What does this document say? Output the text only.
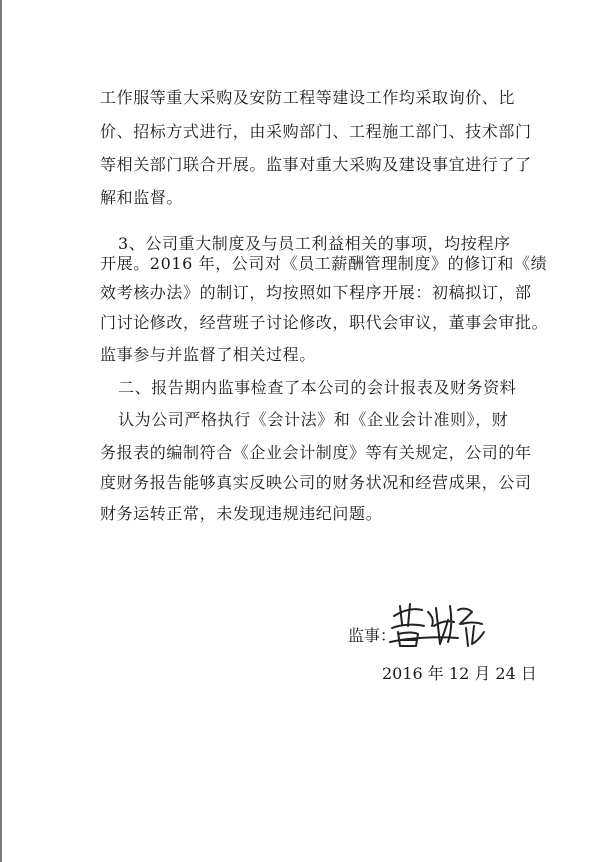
工作服等重大采购及安防工程等建设工作均采取询价、比
价、招标方式进行，由采购部门、工程施工部门、技术部门
等相关部门联合开展。监事对重大采购及建设事宜进行了了
解和监督。
3、公司重大制度及与员工利益相关的事项，均按程序
开展。2016 年，公司对《员工薪酬管理制度》的修订和《绩
效考核办法》的制订，均按照如下程序开展：初稿拟订，部
门讨论修改，经营班子讨论修改，职代会审议，董事会审批。
监事参与并监督了相关过程。
二、报告期内监事检查了本公司的会计报表及财务资料
认为公司严格执行《会计法》和《企业会计准则》，财
务报表的编制符合《企业会计制度》等有关规定，公司的年
度财务报告能够真实反映公司的财务状况和经营成果，公司
财务运转正常，未发现违规违纪问题。
监事：
2016 年 12 月 24 日
